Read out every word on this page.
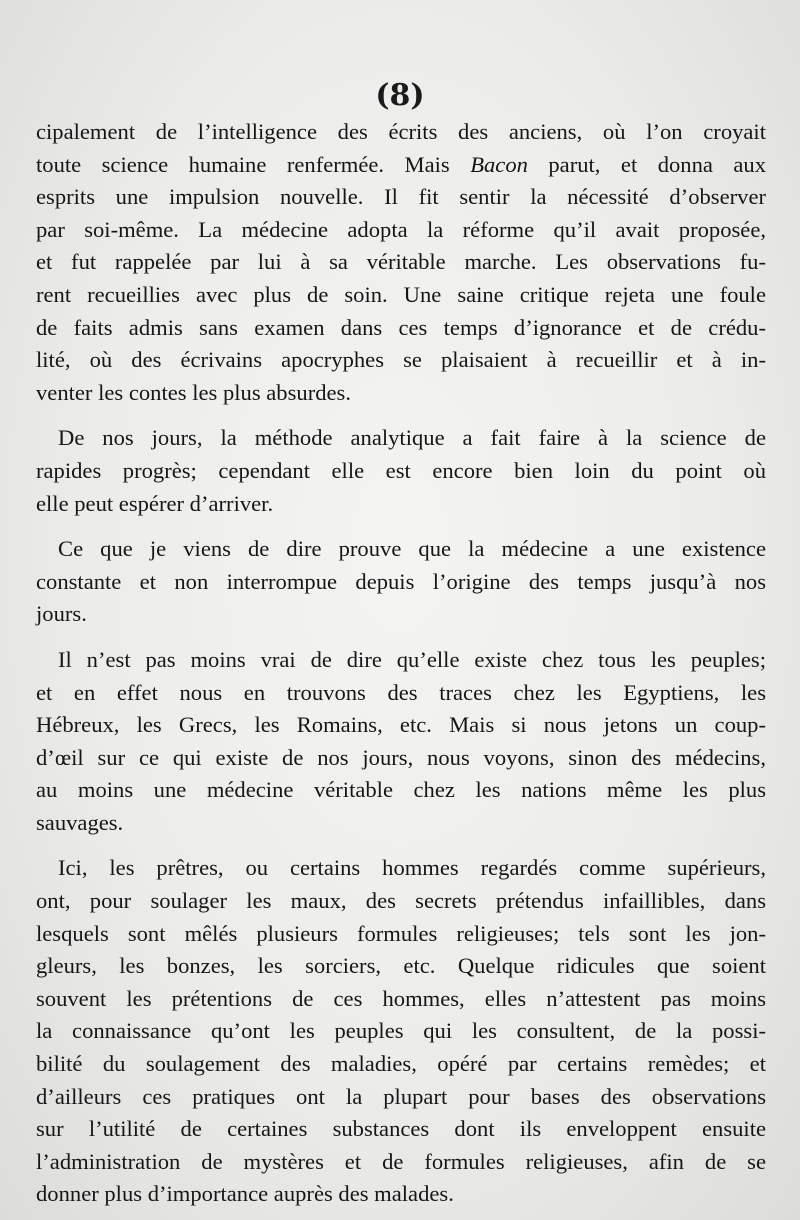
(8)

cipalement de l’intelligence des écrits des anciens, où l’on croyait
toute science humaine renfermée. Mais Bacon parut, et donna aux
esprits une impulsion nouvelle. Il fit sentir la nécessité d’observer
par soi-même. La médecine adopta la réforme qu’il avait proposée,
et fut rappelée par lui à sa véritable marche. Les observations fu-
rent recueillies avec plus de soin. Une saine critique rejeta une foule
de faits admis sans examen dans ces temps d’ignorance et de crédu-
lité, où des écrivains apocryphes se plaisaient à recueillir et à in-
venter les contes les plus absurdes.

De nos jours, la méthode analytique a fait faire à la science de
rapides progrès; cependant elle est encore bien loin du point où
elle peut espérer d’arriver.

Ce que je viens de dire prouve que la médecine a une existence
constante et non interrompue depuis l’origine des temps jusqu’à nos
jours.

Il n’est pas moins vrai de dire qu’elle existe chez tous les peuples;
et en effet nous en trouvons des traces chez les Egyptiens, les
Hébreux, les Grecs, les Romains, etc. Mais si nous jetons un coup-
d’œil sur ce qui existe de nos jours, nous voyons, sinon des médecins,
au moins une médecine véritable chez les nations même les plus
sauvages.

Ici, les prêtres, ou certains hommes regardés comme supérieurs,
ont, pour soulager les maux, des secrets prétendus infaillibles, dans
lesquels sont mêlés plusieurs formules religieuses; tels sont les jon-
gleurs, les bonzes, les sorciers, etc. Quelque ridicules que soient
souvent les prétentions de ces hommes, elles n’attestent pas moins
la connaissance qu’ont les peuples qui les consultent, de la possi-
bilité du soulagement des maladies, opéré par certains remèdes; et
d’ailleurs ces pratiques ont la plupart pour bases des observations
sur l’utilité de certaines substances dont ils enveloppent ensuite
l’administration de mystères et de formules religieuses, afin de se
donner plus d’importance auprès des malades.
